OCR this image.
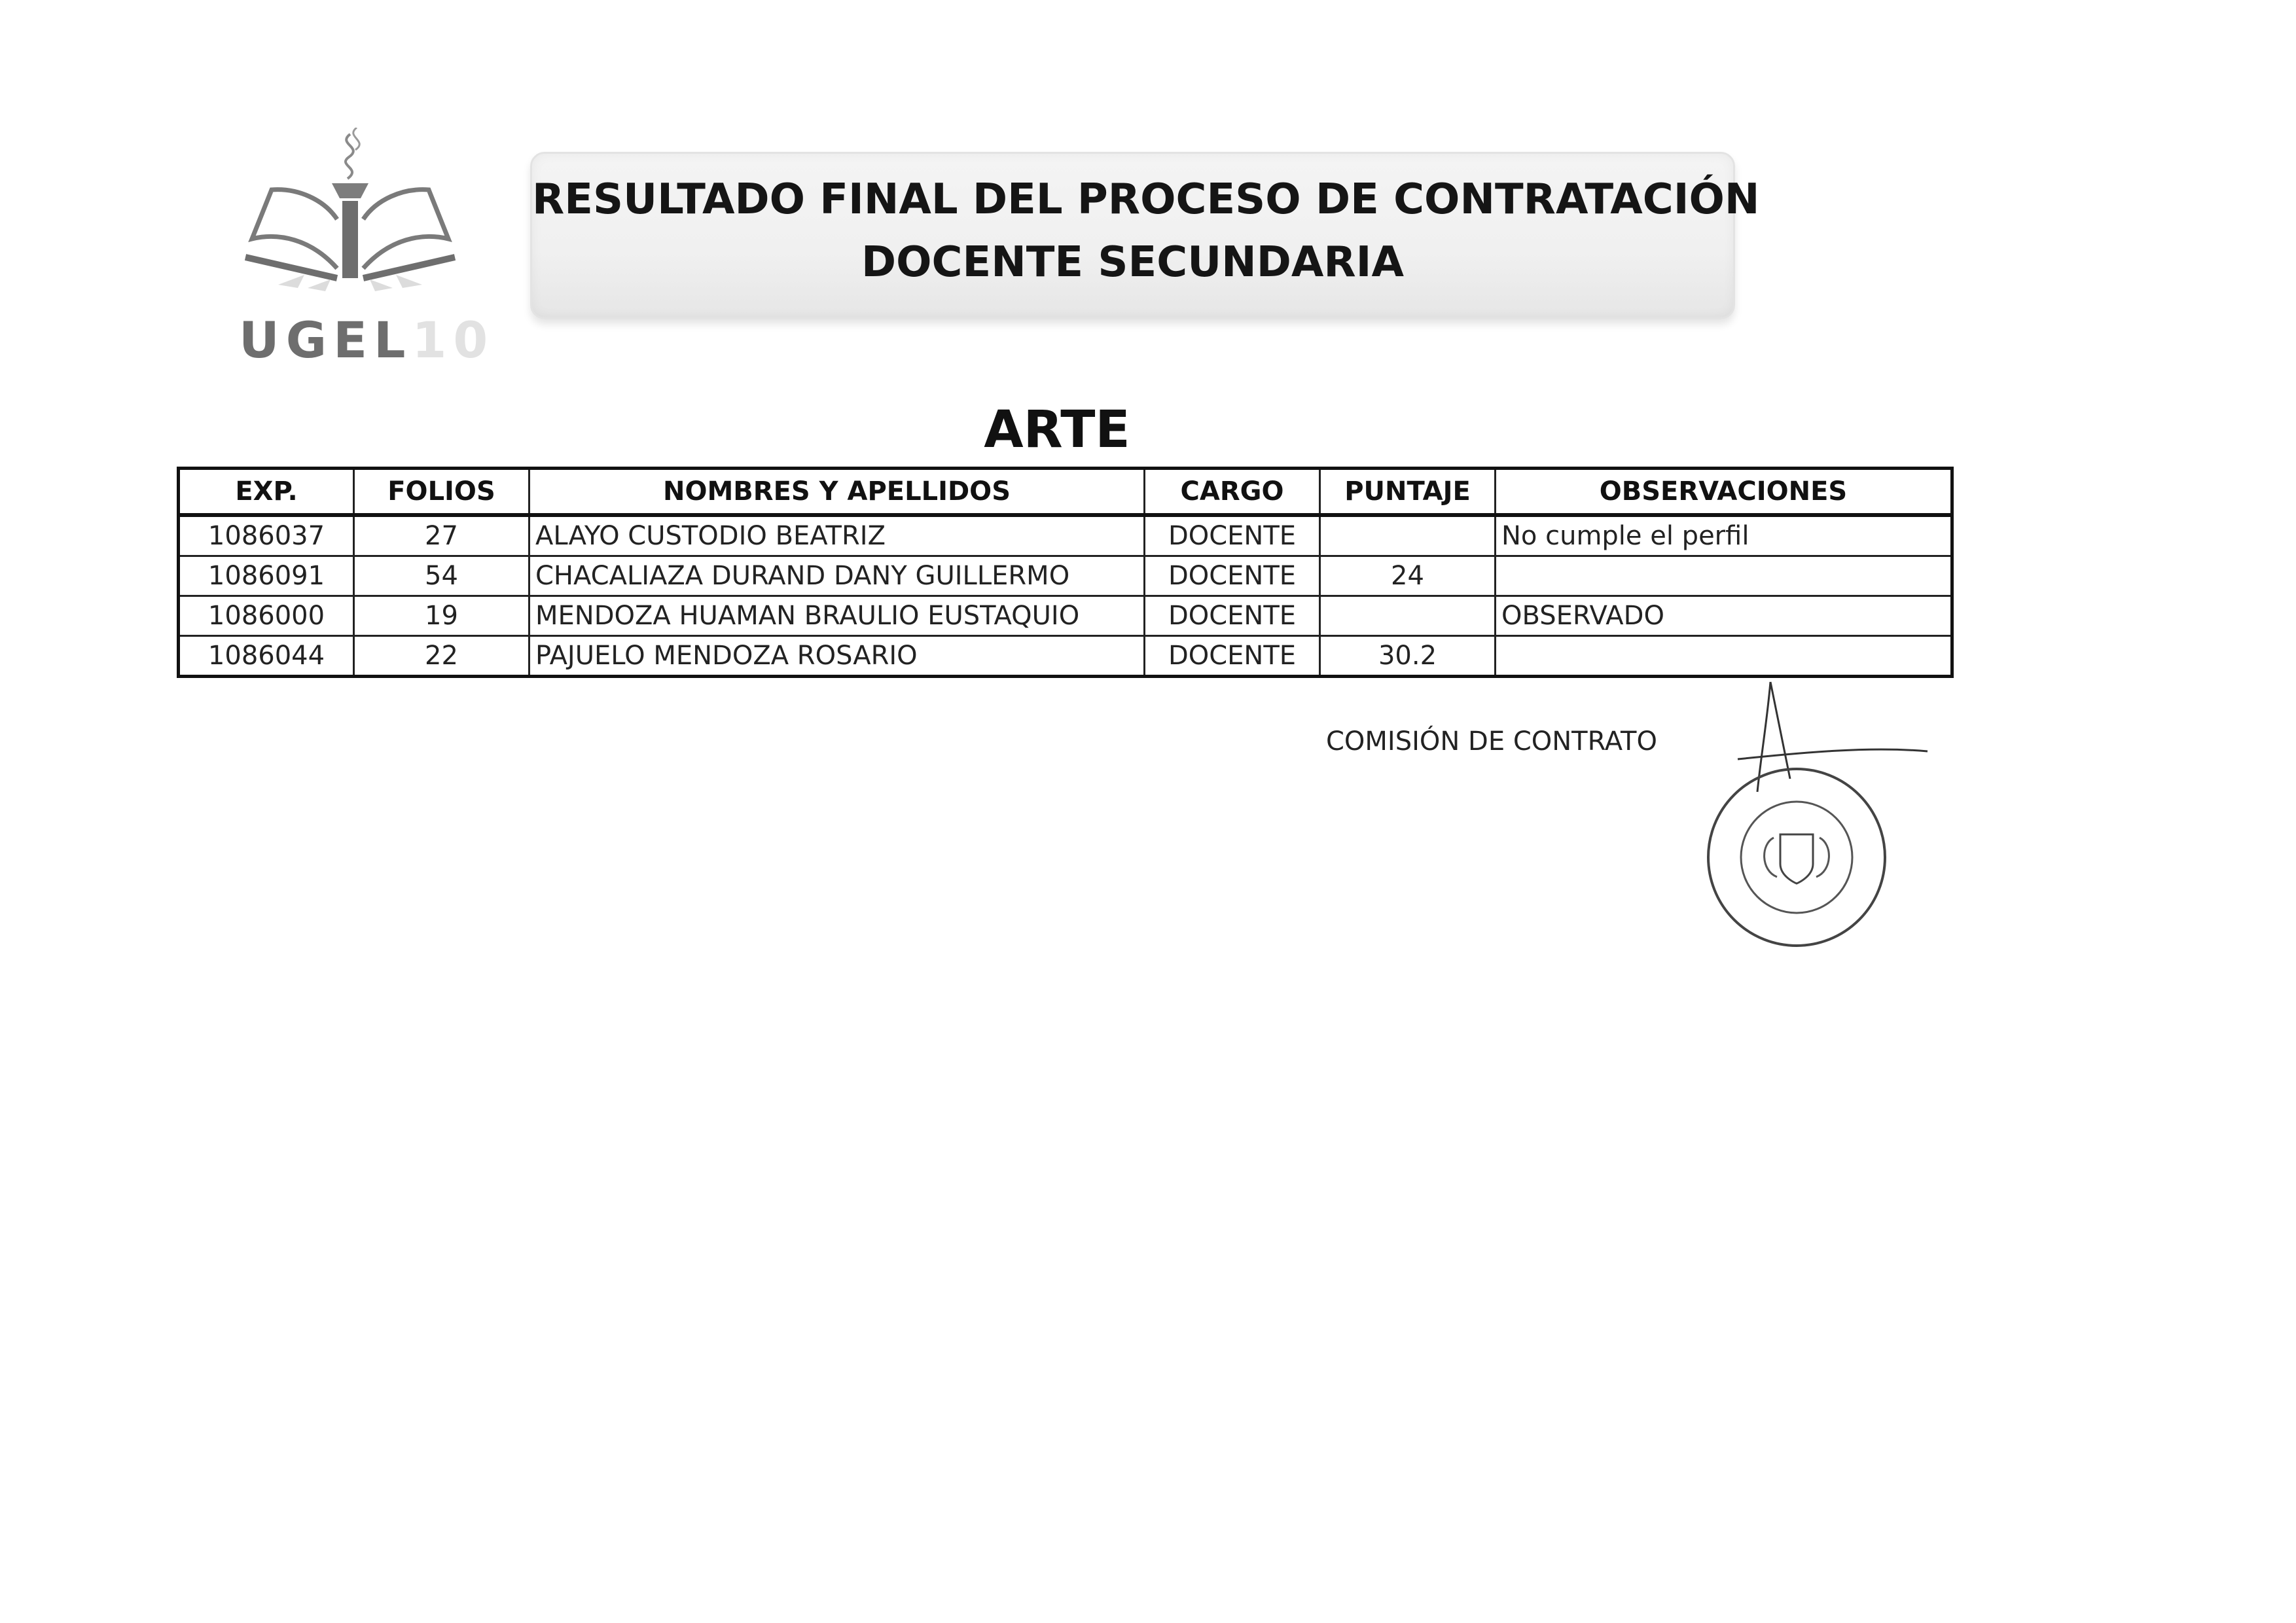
UGEL10
RESULTADO FINAL DEL PROCESO DE CONTRATACIÓN
DOCENTE SECUNDARIA
ARTE
EXP.	FOLIOS	NOMBRES Y APELLIDOS	CARGO	PUNTAJE	OBSERVACIONES
1086037	27	ALAYO CUSTODIO BEATRIZ	DOCENTE		No cumple el perfil
1086091	54	CHACALIAZA DURAND DANY GUILLERMO	DOCENTE	24	
1086000	19	MENDOZA HUAMAN BRAULIO EUSTAQUIO	DOCENTE		OBSERVADO
1086044	22	PAJUELO MENDOZA ROSARIO	DOCENTE	30.2	
COMISIÓN DE CONTRATO
